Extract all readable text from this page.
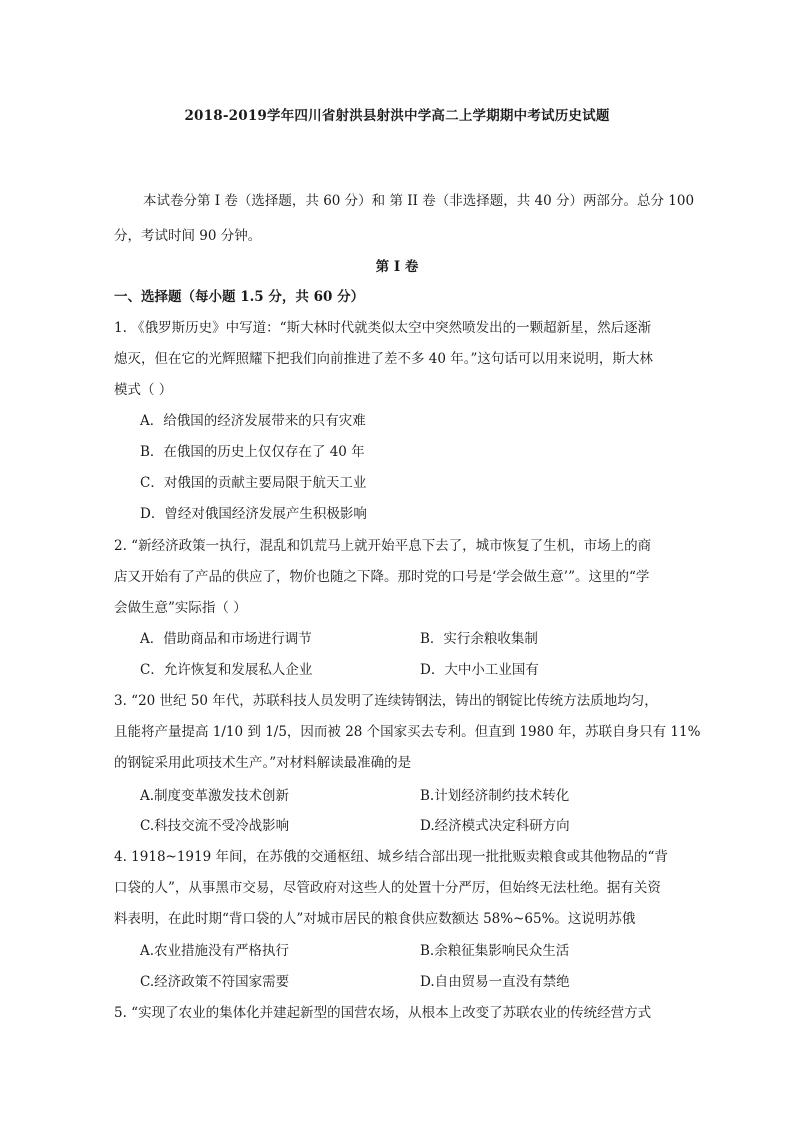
2018-2019学年四川省射洪县射洪中学高二上学期期中考试历史试题
本试卷分第 I 卷（选择题，共 60 分）和 第 II 卷（非选择题，共 40 分）两部分。总分 100
分，考试时间 90 分钟。
第 Ⅰ 卷
一、选择题（每小题 1.5 分，共 60 分）
1. 《俄罗斯历史》中写道：“斯大林时代就类似太空中突然喷发出的一颗超新星，然后逐渐
熄灭，但在它的光辉照耀下把我们向前推进了差不多 40 年。”这句话可以用来说明，斯大林
模式（ ）
A．给俄国的经济发展带来的只有灾难
B．在俄国的历史上仅仅存在了 40 年
C．对俄国的贡献主要局限于航天工业
D．曾经对俄国经济发展产生积极影响
2. “新经济政策一执行，混乱和饥荒马上就开始平息下去了，城市恢复了生机，市场上的商
店又开始有了产品的供应了，物价也随之下降。那时党的口号是‘学会做生意’”。这里的“学
会做生意”实际指（ ）
A．借助商品和市场进行调节	B．实行余粮收集制
C．允许恢复和发展私人企业	D．大中小工业国有
3. “20 世纪 50 年代，苏联科技人员发明了连续铸钢法，铸出的钢锭比传统方法质地均匀，
且能将产量提高 1/10 到 1/5，因而被 28 个国家买去专利。但直到 1980 年，苏联自身只有 11%
的钢锭采用此项技术生产。”对材料解读最准确的是
A.制度变革激发技术创新	B.计划经济制约技术转化
C.科技交流不受冷战影响	D.经济模式决定科研方向
4. 1918~1919 年间，在苏俄的交通枢纽、城乡结合部出现一批批贩卖粮食或其他物品的“背
口袋的人”，从事黑市交易，尽管政府对这些人的处置十分严厉，但始终无法杜绝。据有关资
料表明，在此时期“背口袋的人”对城市居民的粮食供应数额达 58%~65%。这说明苏俄
A.农业措施没有严格执行	B.余粮征集影响民众生活
C.经济政策不符国家需要	D.自由贸易一直没有禁绝
5. “实现了农业的集体化并建起新型的国营农场，从根本上改变了苏联农业的传统经营方式
